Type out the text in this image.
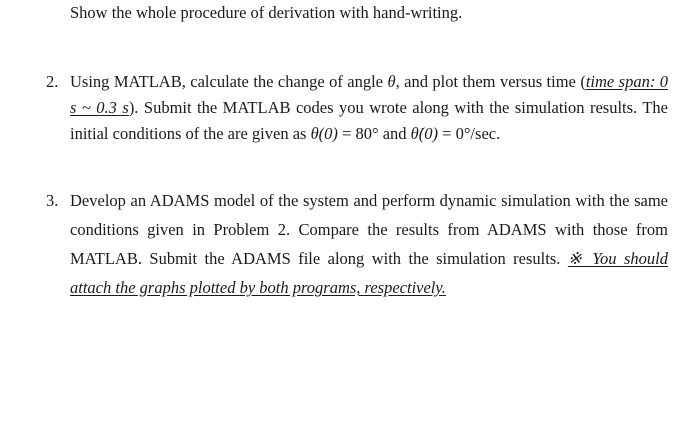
Show the whole procedure of derivation with hand-writing.
2. Using MATLAB, calculate the change of angle θ, and plot them versus time (time span: 0
s ~ 0.3 s). Submit the MATLAB codes you wrote along with the simulation results. The
initial conditions of the are given as θ(0) = 80° and θ̇(0) = 0°/sec.
3. Develop an ADAMS model of the system and perform dynamic simulation with the same
conditions given in Problem 2. Compare the results from ADAMS with those from
MATLAB. Submit the ADAMS file along with the simulation results. ※ You should
attach the graphs plotted by both programs, respectively.
